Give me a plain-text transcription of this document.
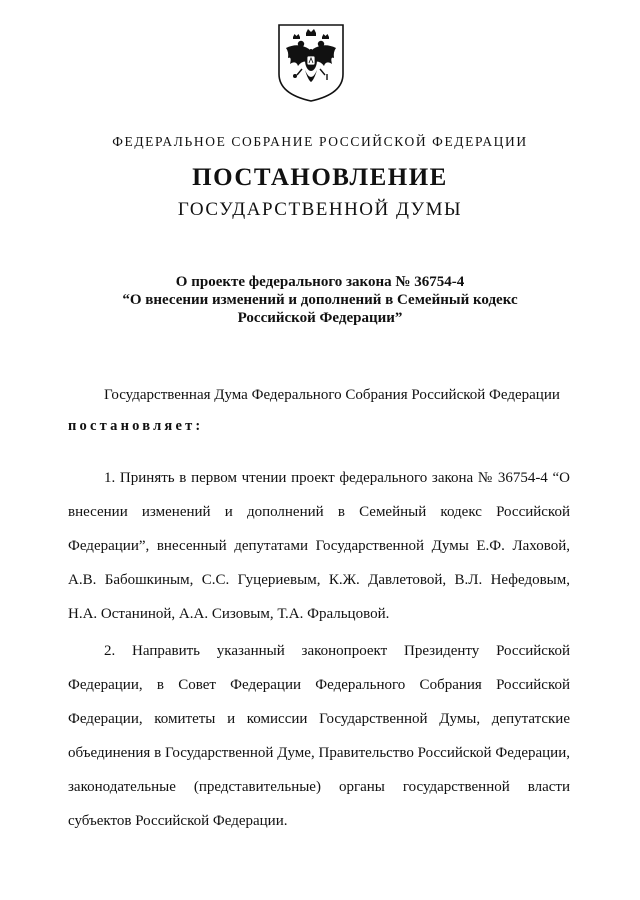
ФЕДЕРАЛЬНОЕ СОБРАНИЕ РОССИЙСКОЙ ФЕДЕРАЦИИ
ПОСТАНОВЛЕНИЕ
ГОСУДАРСТВЕННОЙ ДУМЫ
О проекте федерального закона № 36754-4
“О внесении изменений и дополнений в Семейный кодекс
Российской Федерации”
Государственная Дума Федерального Собрания Российской Федерации
постановляет:
1. Принять в первом чтении проект федерального закона № 36754-4 “О внесении изменений и дополнений в Семейный кодекс Российской Федерации”, внесенный депутатами Государственной Думы Е.Ф. Лаховой, А.В. Бабошкиным, С.С. Гуцериевым, К.Ж. Давлетовой, В.Л. Нефедовым, Н.А. Останиной, А.А. Сизовым, Т.А. Фральцовой.
2. Направить указанный законопроект Президенту Российской Федерации, в Совет Федерации Федерального Собрания Российской Федерации, комитеты и комиссии Государственной Думы, депутатские объединения в Государственной Думе, Правительство Российской Федерации, законодательные (представительные) органы государственной власти субъектов Российской Федерации.
